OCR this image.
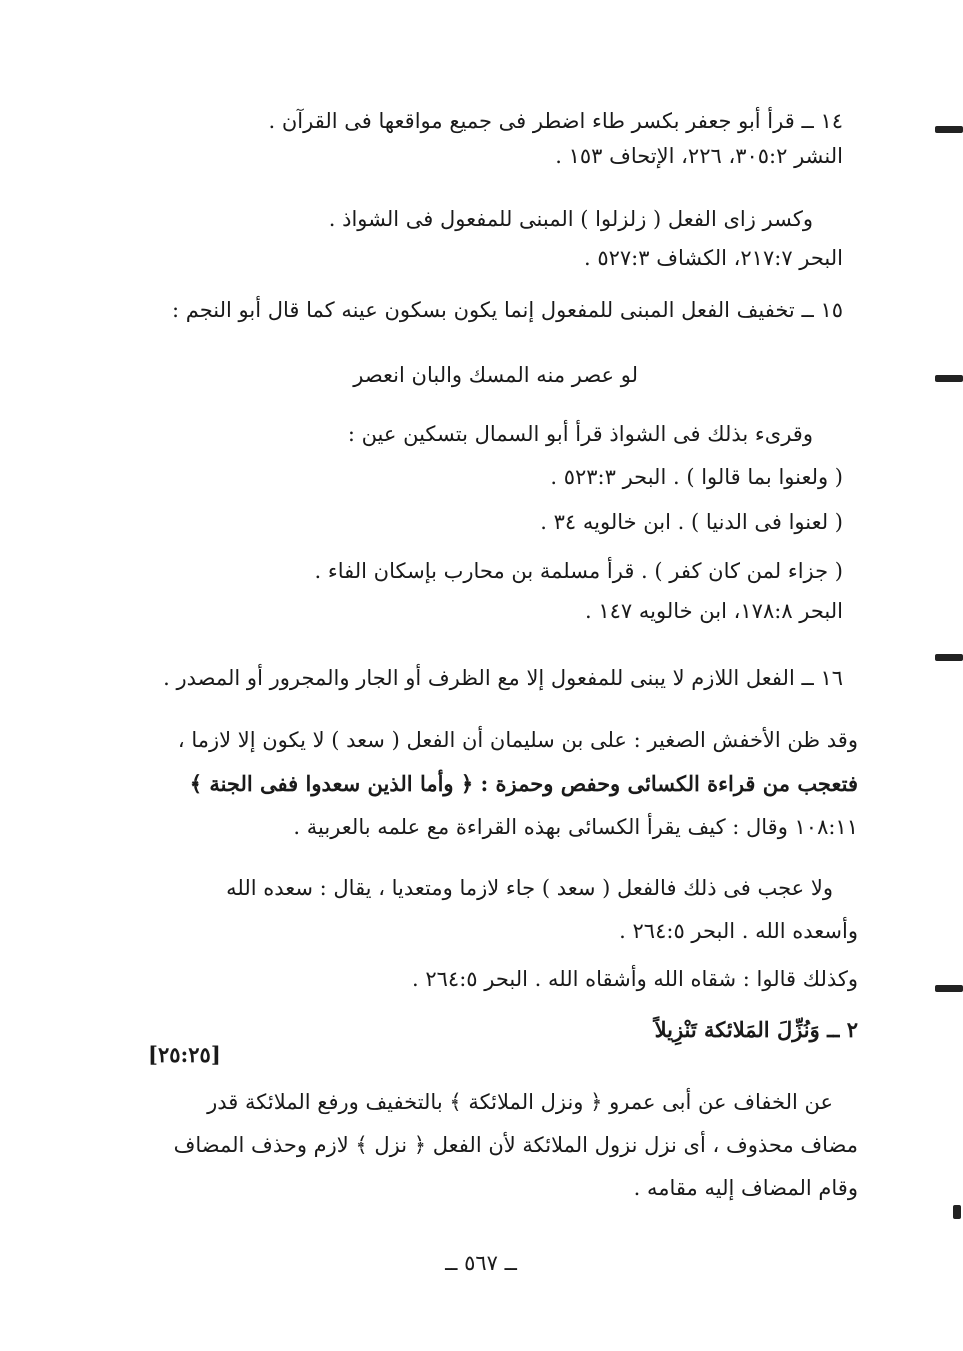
١٤ ــ قرأ أبو جعفر بكسر طاء اضطر فى جميع مواقعها فى القرآن .
النشر ٣٠٥:٢، ٢٢٦، الإتحاف ١٥٣ .
وكسر زاى الفعل ( زلزلوا ) المبنى للمفعول فى الشواذ .
البحر ٢١٧:٧، الكشاف ٥٢٧:٣ .
١٥ ــ تخفيف الفعل المبنى للمفعول إنما يكون بسكون عينه كما قال أبو النجم :
لو عصر منه المسك والبان انعصر
وقرىء بذلك فى الشواذ قرأ أبو السمال بتسكين عين :
( ولعنوا بما قالوا ) . البحر ٥٢٣:٣ .
( لعنوا فى الدنيا ) . ابن خالويه ٣٤ .
( جزاء لمن كان كفر ) . قرأ مسلمة بن محارب بإسكان الفاء .
البحر ١٧٨:٨، ابن خالويه ١٤٧ .
١٦ ــ الفعل اللازم لا يبنى للمفعول إلا مع الظرف أو الجار والمجرور أو المصدر .
وقد ظن الأخفش الصغير : على بن سليمان أن الفعل ( سعد ) لا يكون إلا لازما ،
فتعجب من قراءة الكسائى وحفص وحمزة : ﴿ وأما الذين سعدوا ففى الجنة ﴾
١٠٨:١١ وقال : كيف يقرأ الكسائى بهذه القراءة مع علمه بالعربية .
ولا عجب فى ذلك فالفعل ( سعد ) جاء لازما ومتعديا ، يقال : سعده الله
وأسعده الله . البحر ٢٦٤:٥ .
وكذلك قالوا : شقاه الله وأشقاه الله . البحر ٢٦٤:٥ .
٢ ــ وَنُزِّلَ المَلائكة تَنْزِيلاً
[٢٥:٢٥]
عن الخفاف عن أبى عمرو ﴿ ونزل الملائكة ﴾ بالتخفيف ورفع الملائكة قدر
مضاف محذوف ، أى نزل نزول الملائكة لأن الفعل ﴿ نزل ﴾ لازم وحذف المضاف
وقام المضاف إليه مقامه .
ــ ٥٦٧ ــ
